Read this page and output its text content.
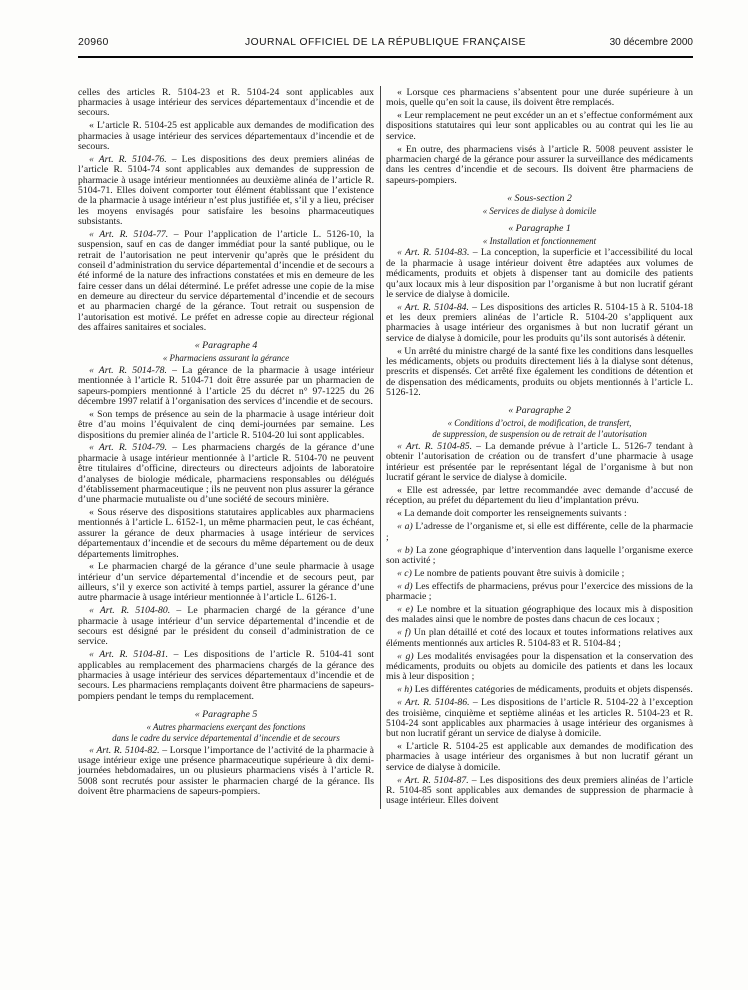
20960	JOURNAL OFFICIEL DE LA RÉPUBLIQUE FRANÇAISE	30 décembre 2000

celles des articles R. 5104-23 et R. 5104-24 sont applicables aux pharmacies à usage intérieur des services départementaux d’incendie et de secours.

« L’article R. 5104-25 est applicable aux demandes de modification des pharmacies à usage intérieur des services départementaux d’incendie et de secours.

« Art. R. 5104-76. – Les dispositions des deux premiers alinéas de l’article R. 5104-74 sont applicables aux demandes de suppression de pharmacie à usage intérieur mentionnées au deuxième alinéa de l’article R. 5104-71. Elles doivent comporter tout élément établissant que l’existence de la pharmacie à usage intérieur n’est plus justifiée et, s’il y a lieu, préciser les moyens envisagés pour satisfaire les besoins pharmaceutiques subsistants.

« Art. R. 5104-77. – Pour l’application de l’article L. 5126-10, la suspension, sauf en cas de danger immédiat pour la santé publique, ou le retrait de l’autorisation ne peut intervenir qu’après que le président du conseil d’administration du service départemental d’incendie et de secours a été informé de la nature des infractions constatées et mis en demeure de les faire cesser dans un délai déterminé. Le préfet adresse une copie de la mise en demeure au directeur du service départemental d’incendie et de secours et au pharmacien chargé de la gérance. Tout retrait ou suspension de l’autorisation est motivé. Le préfet en adresse copie au directeur régional des affaires sanitaires et sociales.

« Paragraphe 4
« Pharmaciens assurant la gérance

« Art. R. 5014-78. – La gérance de la pharmacie à usage intérieur mentionnée à l’article R. 5104-71 doit être assurée par un pharmacien de sapeurs-pompiers mentionné à l’article 25 du décret n° 97-1225 du 26 décembre 1997 relatif à l’organisation des services d’incendie et de secours.

« Son temps de présence au sein de la pharmacie à usage intérieur doit être d’au moins l’équivalent de cinq demi-journées par semaine. Les dispositions du premier alinéa de l’article R. 5104-20 lui sont applicables.

« Art. R. 5104-79. – Les pharmaciens chargés de la gérance d’une pharmacie à usage intérieur mentionnée à l’article R. 5104-70 ne peuvent être titulaires d’officine, directeurs ou directeurs adjoints de laboratoire d’analyses de biologie médicale, pharmaciens responsables ou délégués d’établissement pharmaceutique ; ils ne peuvent non plus assurer la gérance d’une pharmacie mutualiste ou d’une société de secours minière.

« Sous réserve des dispositions statutaires applicables aux pharmaciens mentionnés à l’article L. 6152-1, un même pharmacien peut, le cas échéant, assurer la gérance de deux pharmacies à usage intérieur de services départementaux d’incendie et de secours du même département ou de deux départements limitrophes.

« Le pharmacien chargé de la gérance d’une seule pharmacie à usage intérieur d’un service départemental d’incendie et de secours peut, par ailleurs, s’il y exerce son activité à temps partiel, assurer la gérance d’une autre pharmacie à usage intérieur mentionnée à l’article L. 6126-1.

« Art. R. 5104-80. – Le pharmacien chargé de la gérance d’une pharmacie à usage intérieur d’un service départemental d’incendie et de secours est désigné par le président du conseil d’administration de ce service.

« Art. R. 5104-81. – Les dispositions de l’article R. 5104-41 sont applicables au remplacement des pharmaciens chargés de la gérance des pharmacies à usage intérieur des services départementaux d’incendie et de secours. Les pharmaciens remplaçants doivent être pharmaciens de sapeurs-pompiers pendant le temps du remplacement.

« Paragraphe 5
« Autres pharmaciens exerçant des fonctions
dans le cadre du service départemental d’incendie et de secours

« Art. R. 5104-82. – Lorsque l’importance de l’activité de la pharmacie à usage intérieur exige une présence pharmaceutique supérieure à dix demi-journées hebdomadaires, un ou plusieurs pharmaciens visés à l’article R. 5008 sont recrutés pour assister le pharmacien chargé de la gérance. Ils doivent être pharmaciens de sapeurs-pompiers.

« Lorsque ces pharmaciens s’absentent pour une durée supérieure à un mois, quelle qu’en soit la cause, ils doivent être remplacés.

« Leur remplacement ne peut excéder un an et s’effectue conformément aux dispositions statutaires qui leur sont applicables ou au contrat qui les lie au service.

« En outre, des pharmaciens visés à l’article R. 5008 peuvent assister le pharmacien chargé de la gérance pour assurer la surveillance des médicaments dans les centres d’incendie et de secours. Ils doivent être pharmaciens de sapeurs-pompiers.

« Sous-section 2
« Services de dialyse à domicile
« Paragraphe 1
« Installation et fonctionnement

« Art. R. 5104-83. – La conception, la superficie et l’accessibilité du local de la pharmacie à usage intérieur doivent être adaptées aux volumes de médicaments, produits et objets à dispenser tant au domicile des patients qu’aux locaux mis à leur disposition par l’organisme à but non lucratif gérant le service de dialyse à domicile.

« Art. R. 5104-84. – Les dispositions des articles R. 5104-15 à R. 5104-18 et les deux premiers alinéas de l’article R. 5104-20 s’appliquent aux pharmacies à usage intérieur des organismes à but non lucratif gérant un service de dialyse à domicile, pour les produits qu’ils sont autorisés à détenir.

« Un arrêté du ministre chargé de la santé fixe les conditions dans lesquelles les médicaments, objets ou produits directement liés à la dialyse sont détenus, prescrits et dispensés. Cet arrêté fixe également les conditions de détention et de dispensation des médicaments, produits ou objets mentionnés à l’article L. 5126-12.

« Paragraphe 2
« Conditions d’octroi, de modification, de transfert,
de suppression, de suspension ou de retrait de l’autorisation

« Art. R. 5104-85. – La demande prévue à l’article L. 5126-7 tendant à obtenir l’autorisation de création ou de transfert d’une pharmacie à usage intérieur est présentée par le représentant légal de l’organisme à but non lucratif gérant le service de dialyse à domicile.

« Elle est adressée, par lettre recommandée avec demande d’accusé de réception, au préfet du département du lieu d’implantation prévu.

« La demande doit comporter les renseignements suivants :

« a) L’adresse de l’organisme et, si elle est différente, celle de la pharmacie ;

« b) La zone géographique d’intervention dans laquelle l’organisme exerce son activité ;

« c) Le nombre de patients pouvant être suivis à domicile ;

« d) Les effectifs de pharmaciens, prévus pour l’exercice des missions de la pharmacie ;

« e) Le nombre et la situation géographique des locaux mis à disposition des malades ainsi que le nombre de postes dans chacun de ces locaux ;

« f) Un plan détaillé et coté des locaux et toutes informations relatives aux éléments mentionnés aux articles R. 5104-83 et R. 5104-84 ;

« g) Les modalités envisagées pour la dispensation et la conservation des médicaments, produits ou objets au domicile des patients et dans les locaux mis à leur disposition ;

« h) Les différentes catégories de médicaments, produits et objets dispensés.

« Art. R. 5104-86. – Les dispositions de l’article R. 5104-22 à l’exception des troisième, cinquième et septième alinéas et les articles R. 5104-23 et R. 5104-24 sont applicables aux pharmacies à usage intérieur des organismes à but non lucratif gérant un service de dialyse à domicile.

« L’article R. 5104-25 est applicable aux demandes de modification des pharmacies à usage intérieur des organismes à but non lucratif gérant un service de dialyse à domicile.

« Art. R. 5104-87. – Les dispositions des deux premiers alinéas de l’article R. 5104-85 sont applicables aux demandes de suppression de pharmacie à usage intérieur. Elles doivent
